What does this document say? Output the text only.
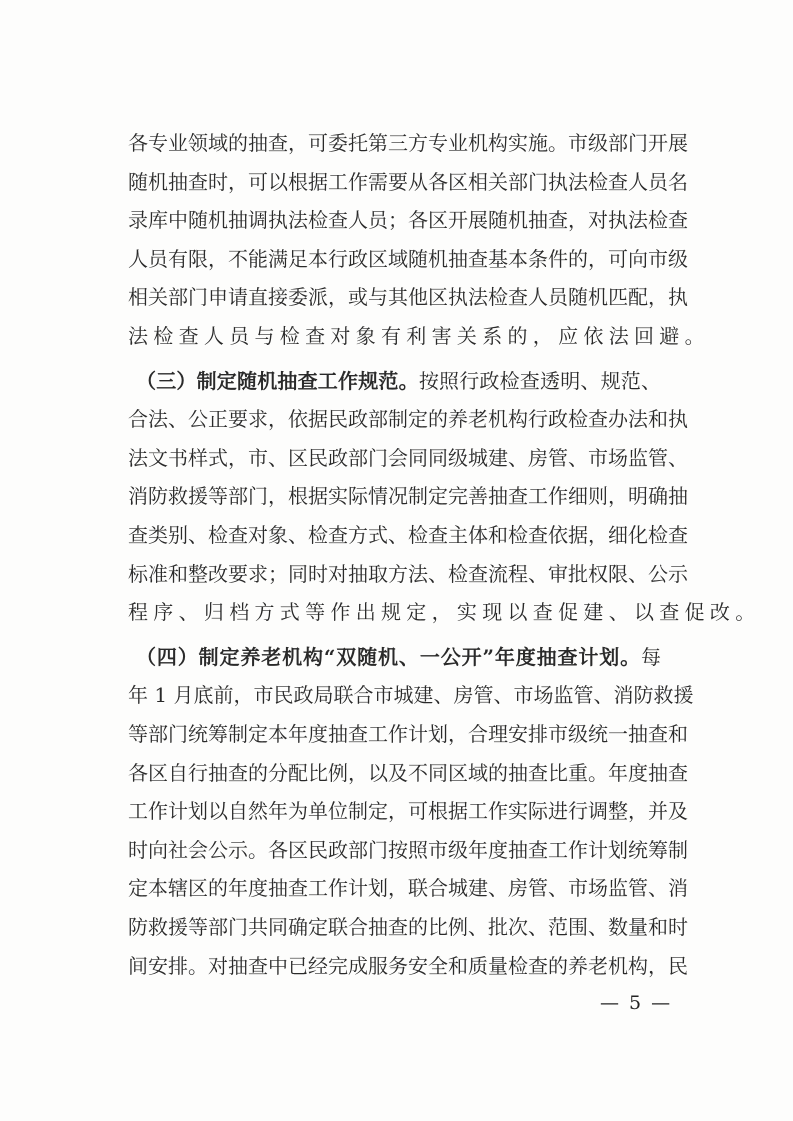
各专业领域的抽查，可委托第三方专业机构实施。市级部门开展
随机抽查时，可以根据工作需要从各区相关部门执法检查人员名
录库中随机抽调执法检查人员；各区开展随机抽查，对执法检查
人员有限，不能满足本行政区域随机抽查基本条件的，可向市级
相关部门申请直接委派，或与其他区执法检查人员随机匹配，执
法检查人员与检查对象有利害关系的，应依法回避。
（三）制定随机抽查工作规范。按照行政检查透明、规范、
合法、公正要求，依据民政部制定的养老机构行政检查办法和执
法文书样式，市、区民政部门会同同级城建、房管、市场监管、
消防救援等部门，根据实际情况制定完善抽查工作细则，明确抽
查类别、检查对象、检查方式、检查主体和检查依据，细化检查
标准和整改要求；同时对抽取方法、检查流程、审批权限、公示
程序、归档方式等作出规定，实现以查促建、以查促改。
（四）制定养老机构“双随机、一公开”年度抽查计划。每
年 1 月底前，市民政局联合市城建、房管、市场监管、消防救援
等部门统筹制定本年度抽查工作计划，合理安排市级统一抽查和
各区自行抽查的分配比例，以及不同区域的抽查比重。年度抽查
工作计划以自然年为单位制定，可根据工作实际进行调整，并及
时向社会公示。各区民政部门按照市级年度抽查工作计划统筹制
定本辖区的年度抽查工作计划，联合城建、房管、市场监管、消
防救援等部门共同确定联合抽查的比例、批次、范围、数量和时
间安排。对抽查中已经完成服务安全和质量检查的养老机构，民
— 5 —
